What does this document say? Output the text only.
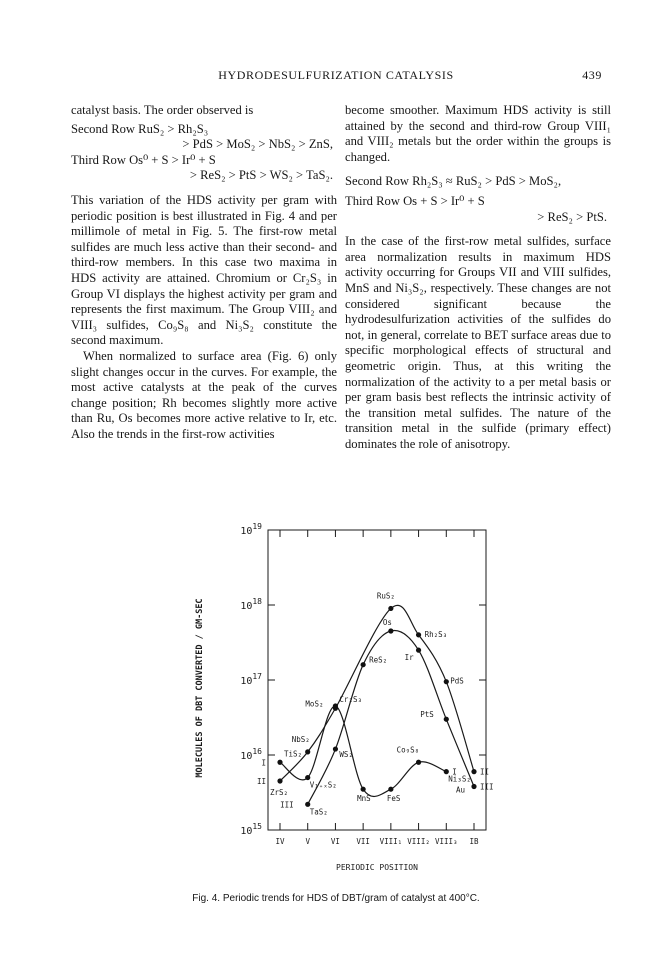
HYDRODESULFURIZATION CATALYSIS	439

catalyst basis. The order observed is

Second Row RuS₂ > Rh₂S₃
> PdS > MoS₂ > NbS₂ > ZnS,
Third Row Os⁰ + S > Ir⁰ + S
> ReS₂ > PtS > WS₂ > TaS₂.

This variation of the HDS activity per gram with periodic position is best illustrated in Fig. 4 and per millimole of metal in Fig. 5. The first-row metal sulfides are much less active than their second- and third-row members. In this case two maxima in HDS activity are attained. Chromium or Cr₂S₃ in Group VI displays the highest activity per gram and represents the first maximum. The Group VIII₂ and VIII₃ sulfides, Co₉S₈ and Ni₃S₂ constitute the second maximum.

When normalized to surface area (Fig. 6) only slight changes occur in the curves. For example, the most active catalysts at the peak of the curves change position; Rh becomes slightly more active than Ru, Os becomes more active relative to Ir, etc. Also the trends in the first-row activities

become smoother. Maximum HDS activity is still attained by the second and third-row Group VIII₁ and VIII₂ metals but the order within the groups is changed.

Second Row Rh₂S₃ ≈ RuS₂ > PdS > MoS₂,
Third Row Os + S > Ir⁰ + S
> ReS₂ > PtS.

In the case of the first-row metal sulfides, surface area normalization results in maximum HDS activity occurring for Groups VII and VIII sulfides, MnS and Ni₃S₂, respectively. These changes are not considered significant because the hydrodesulfurization activities of the sulfides do not, in general, correlate to BET surface areas due to specific morphological effects of structural and geometric origin. Thus, at this writing the normalization of the activity to a per metal basis or per gram basis best reflects the intrinsic activity of the transition metal sulfides. The nature of the transition metal in the sulfide (primary effect) dominates the role of anisotropy.

MOLECULES OF DBT CONVERTED / GM-SEC
$10^{15}$
$10^{16}$
$10^{17}$
$10^{18}$
$10^{19}$
IV	V	VI VII VIII₁ VIII₂ VIII₃ IB
TiS₂
V₁₊ₓS₂
Cr₂S₃
MnS FeS
Co₉S₈
Ni₃S₂
ZrS₂
NbS₂
MoS₂
RuS₂
Rh₂S₃
PdS
TaS₂
WS₂
ReS₂
Os
Ir
PtS
Au
I
I
II
II
III
III
PERIODIC POSITION
Fig. 4. Periodic trends for HDS of DBT/gram of catalyst at 400°C.
